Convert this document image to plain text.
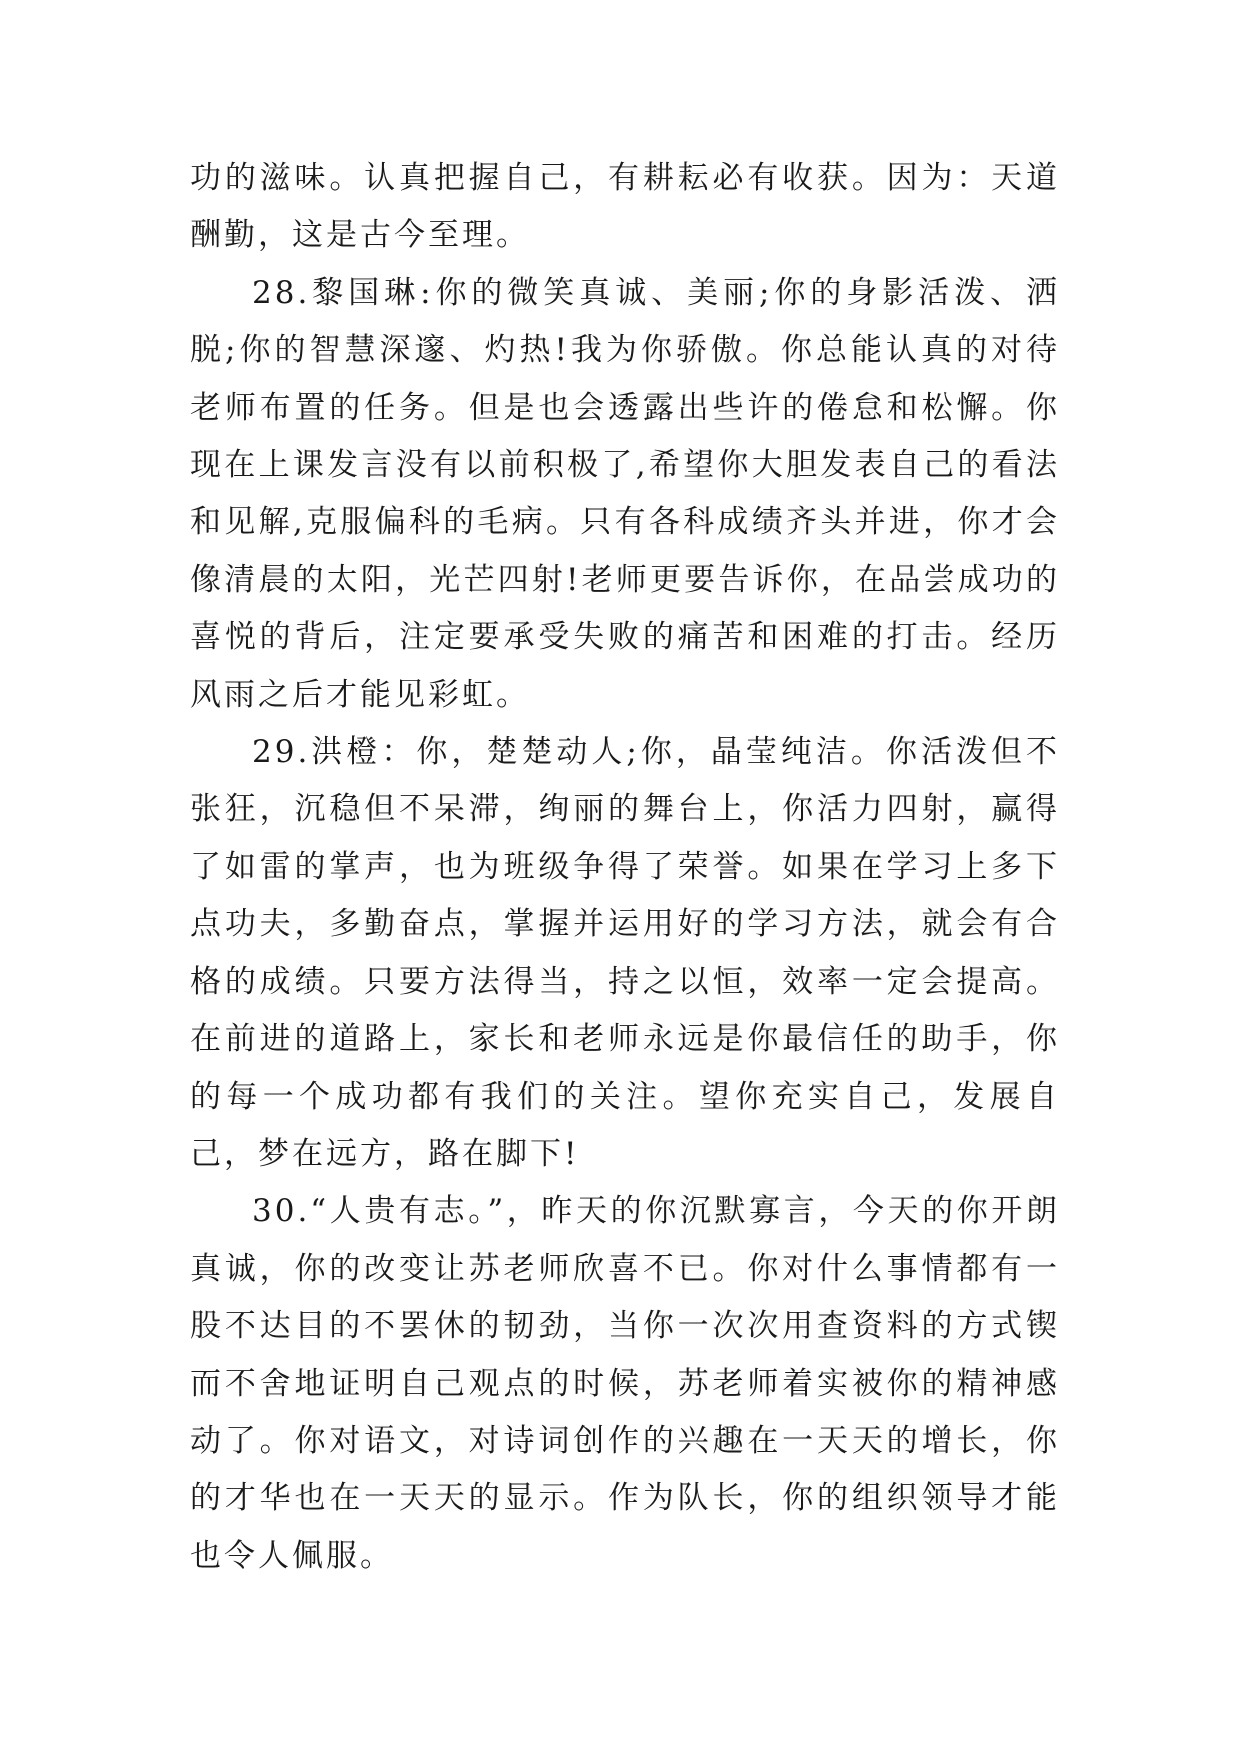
功的滋味。认真把握自己，有耕耘必有收获。因为：天道酬勤，这是古今至理。

28.黎国琳:你的微笑真诚、美丽;你的身影活泼、洒脱;你的智慧深邃、灼热!我为你骄傲。你总能认真的对待老师布置的任务。但是也会透露出些许的倦怠和松懈。你现在上课发言没有以前积极了,希望你大胆发表自己的看法和见解,克服偏科的毛病。只有各科成绩齐头并进，你才会像清晨的太阳，光芒四射!老师更要告诉你，在品尝成功的喜悦的背后，注定要承受失败的痛苦和困难的打击。经历风雨之后才能见彩虹。

29.洪橙：你，楚楚动人;你，晶莹纯洁。你活泼但不张狂，沉稳但不呆滞，绚丽的舞台上，你活力四射，赢得了如雷的掌声，也为班级争得了荣誉。如果在学习上多下点功夫，多勤奋点，掌握并运用好的学习方法，就会有合格的成绩。只要方法得当，持之以恒，效率一定会提高。在前进的道路上，家长和老师永远是你最信任的助手，你的每一个成功都有我们的关注。望你充实自己，发展自己，梦在远方，路在脚下!

30.“人贵有志。”，昨天的你沉默寡言，今天的你开朗真诚，你的改变让苏老师欣喜不已。你对什么事情都有一股不达目的不罢休的韧劲，当你一次次用查资料的方式锲而不舍地证明自己观点的时候，苏老师着实被你的精神感动了。你对语文，对诗词创作的兴趣在一天天的增长，你的才华也在一天天的显示。作为队长，你的组织领导才能也令人佩服。
